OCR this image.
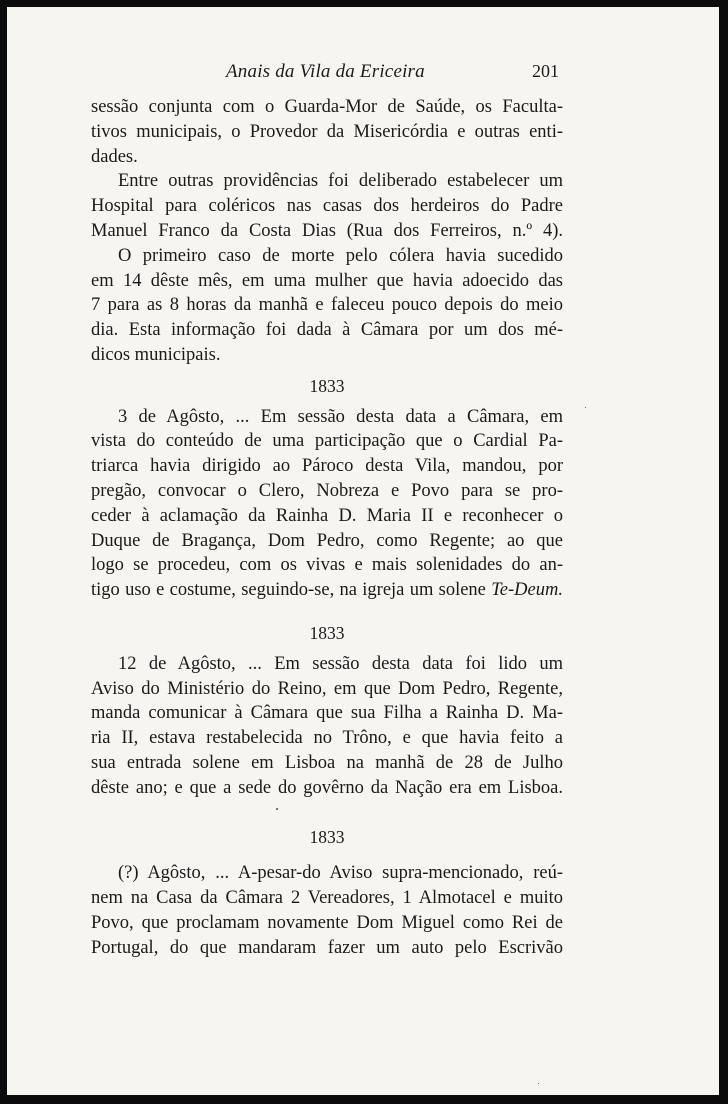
Anais da Vila da Ericeira	201

sessão conjunta com o Guarda-Mor de Saúde, os Faculta-
tivos municipais, o Provedor da Misericórdia e outras enti-
dades.

Entre outras providências foi deliberado estabelecer um
Hospital para coléricos nas casas dos herdeiros do Padre
Manuel Franco da Costa Dias (Rua dos Ferreiros, n.º 4).

O primeiro caso de morte pelo cólera havia sucedido
em 14 dêste mês, em uma mulher que havia adoecido das
7 para as 8 horas da manhã e faleceu pouco depois do meio
dia. Esta informação foi dada à Câmara por um dos mé-
dicos municipais.

1833

3 de Agôsto, ... Em sessão desta data a Câmara, em
vista do conteúdo de uma participação que o Cardial Pa-
triarca havia dirigido ao Pároco desta Vila, mandou, por
pregão, convocar o Clero, Nobreza e Povo para se pro-
ceder à aclamação da Rainha D. Maria II e reconhecer o
Duque de Bragança, Dom Pedro, como Regente; ao que
logo se procedeu, com os vivas e mais solenidades do an-
tigo uso e costume, seguindo-se, na igreja um solene Te-Deum.

1833

12 de Agôsto, ... Em sessão desta data foi lido um
Aviso do Ministério do Reino, em que Dom Pedro, Regente,
manda comunicar à Câmara que sua Filha a Rainha D. Ma-
ria II, estava restabelecida no Trôno, e que havia feito a
sua entrada solene em Lisboa na manhã de 28 de Julho
dêste ano; e que a sede do govêrno da Nação era em Lisboa.

1833

(?) Agôsto, ... A-pesar-do Aviso supra-mencionado, reú-
nem na Casa da Câmara 2 Vereadores, 1 Almotacel e muito
Povo, que proclamam novamente Dom Miguel como Rei de
Portugal, do que mandaram fazer um auto pelo Escrivão
